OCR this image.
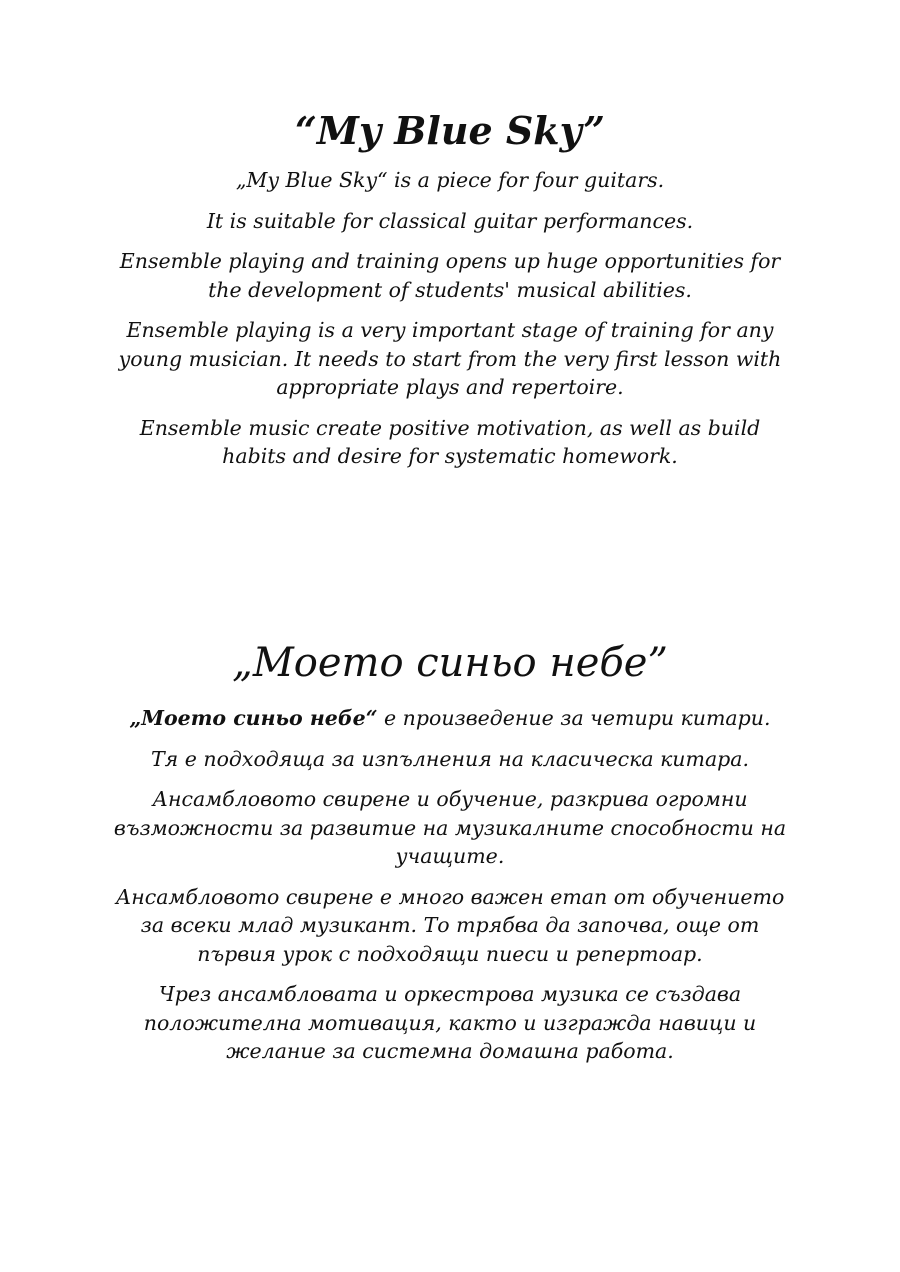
“My Blue Sky”

„My Blue Sky“ is a piece for four guitars.

It is suitable for classical guitar performances.

Ensemble playing and training opens up huge opportunities for the development of students' musical abilities.

Ensemble playing is a very important stage of training for any young musician. It needs to start from the very first lesson with appropriate plays and repertoire.

Ensemble music create positive motivation, as well as build habits and desire for systematic homework.

„Моето синьо небе”

„Моето синьо небе“ е произведение за четири китари.

Тя е подходяща за изпълнения на класическа китара.

Ансамбловото свирене и обучение, разкрива огромни възможности за развитие на музикалните способности на учащите.

Ансамбловото свирене е много важен етап от обучението за всеки млад музикант. То трябва да започва, още от първия урок с подходящи пиеси и репертоар.

Чрез ансамбловата и оркестрова музика се създава положителна мотивация, както и изгражда навици и желание за системна домашна работа.
